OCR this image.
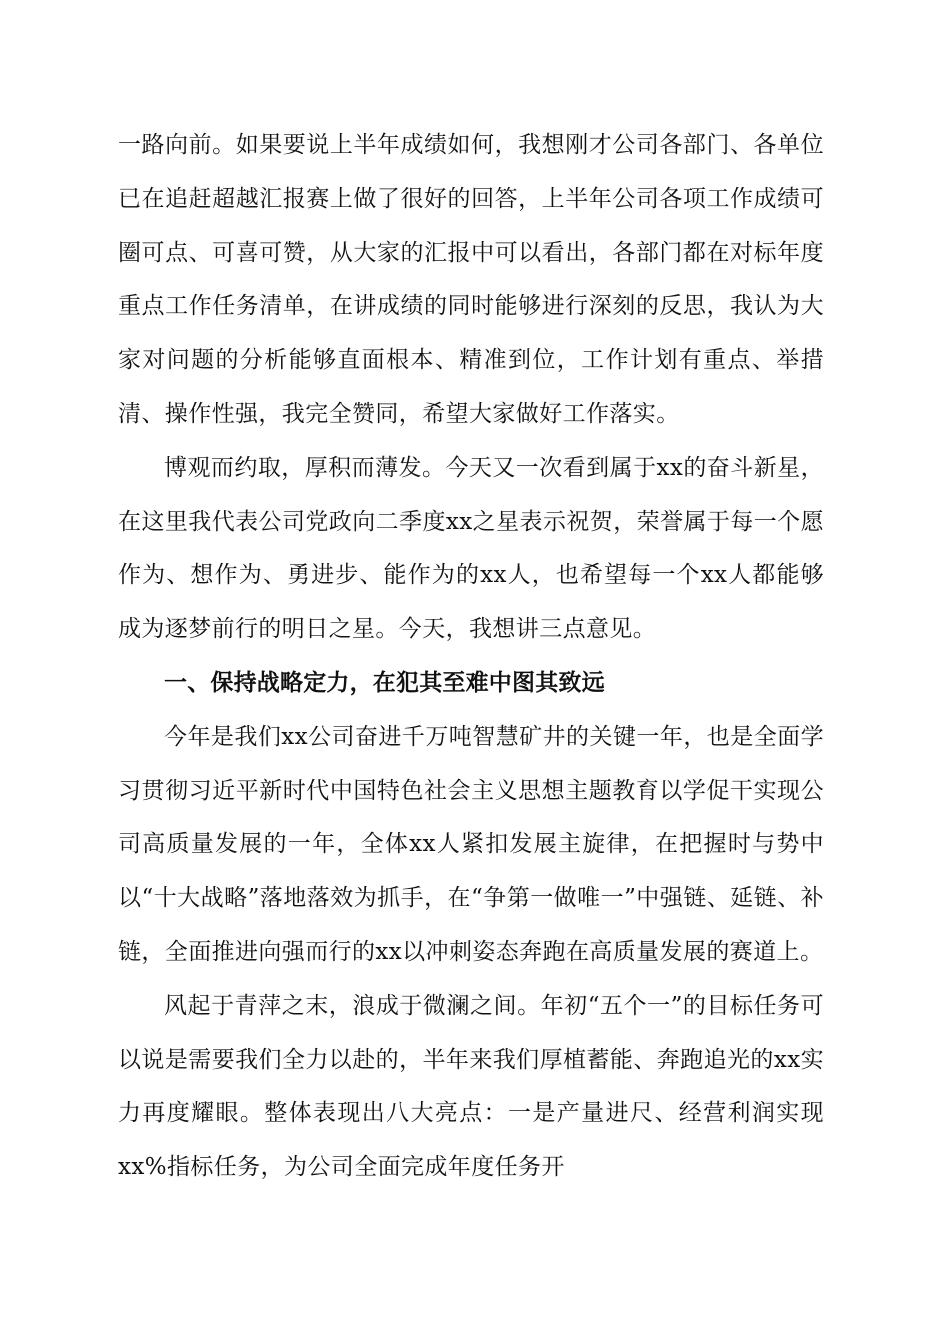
一路向前。如果要说上半年成绩如何，我想刚才公司各部门、各单位已在追赶超越汇报赛上做了很好的回答，上半年公司各项工作成绩可圈可点、可喜可赞，从大家的汇报中可以看出，各部门都在对标年度重点工作任务清单，在讲成绩的同时能够进行深刻的反思，我认为大家对问题的分析能够直面根本、精准到位，工作计划有重点、举措清、操作性强，我完全赞同，希望大家做好工作落实。

博观而约取，厚积而薄发。今天又一次看到属于xx的奋斗新星，在这里我代表公司党政向二季度xx之星表示祝贺，荣誉属于每一个愿作为、想作为、勇进步、能作为的xx人，也希望每一个xx人都能够成为逐梦前行的明日之星。今天，我想讲三点意见。

一、保持战略定力，在犯其至难中图其致远

今年是我们xx公司奋进千万吨智慧矿井的关键一年，也是全面学习贯彻习近平新时代中国特色社会主义思想主题教育以学促干实现公司高质量发展的一年，全体xx人紧扣发展主旋律，在把握时与势中以“十大战略”落地落效为抓手，在“争第一做唯一”中强链、延链、补链，全面推进向强而行的xx以冲刺姿态奔跑在高质量发展的赛道上。

风起于青萍之末，浪成于微澜之间。年初“五个一”的目标任务可以说是需要我们全力以赴的，半年来我们厚植蓄能、奔跑追光的xx实力再度耀眼。整体表现出八大亮点：一是产量进尺、经营利润实现xx%指标任务，为公司全面完成年度任务开
